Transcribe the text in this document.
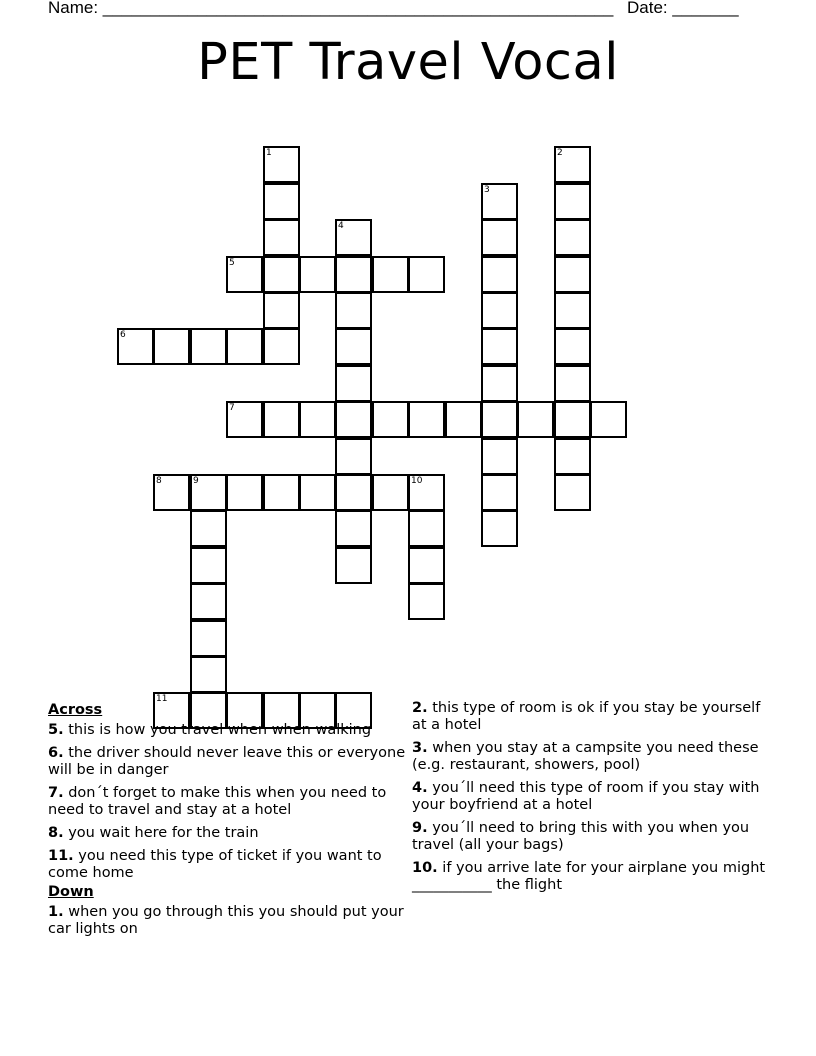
Name: ______________________________________________________ Date: _______
PET Travel Vocal
1	2
3
4
5
6
7
8	9	10
11
Across
5. this is how you travel when when walking
6. the driver should never leave this or everyone will be in danger
7. don´t forget to make this when you need to need to travel and stay at a hotel
8. you wait here for the train
11. you need this type of ticket if you want to come home
Down
1. when you go through this you should put your car lights on
2. this type of room is ok if you stay be yourself at a hotel
3. when you stay at a campsite you need these (e.g. restaurant, showers, pool)
4. you´ll need this type of room if you stay with your boyfriend at a hotel
9. you´ll need to bring this with you when you travel (all your bags)
10. if you arrive late for your airplane you might ___________ the flight
